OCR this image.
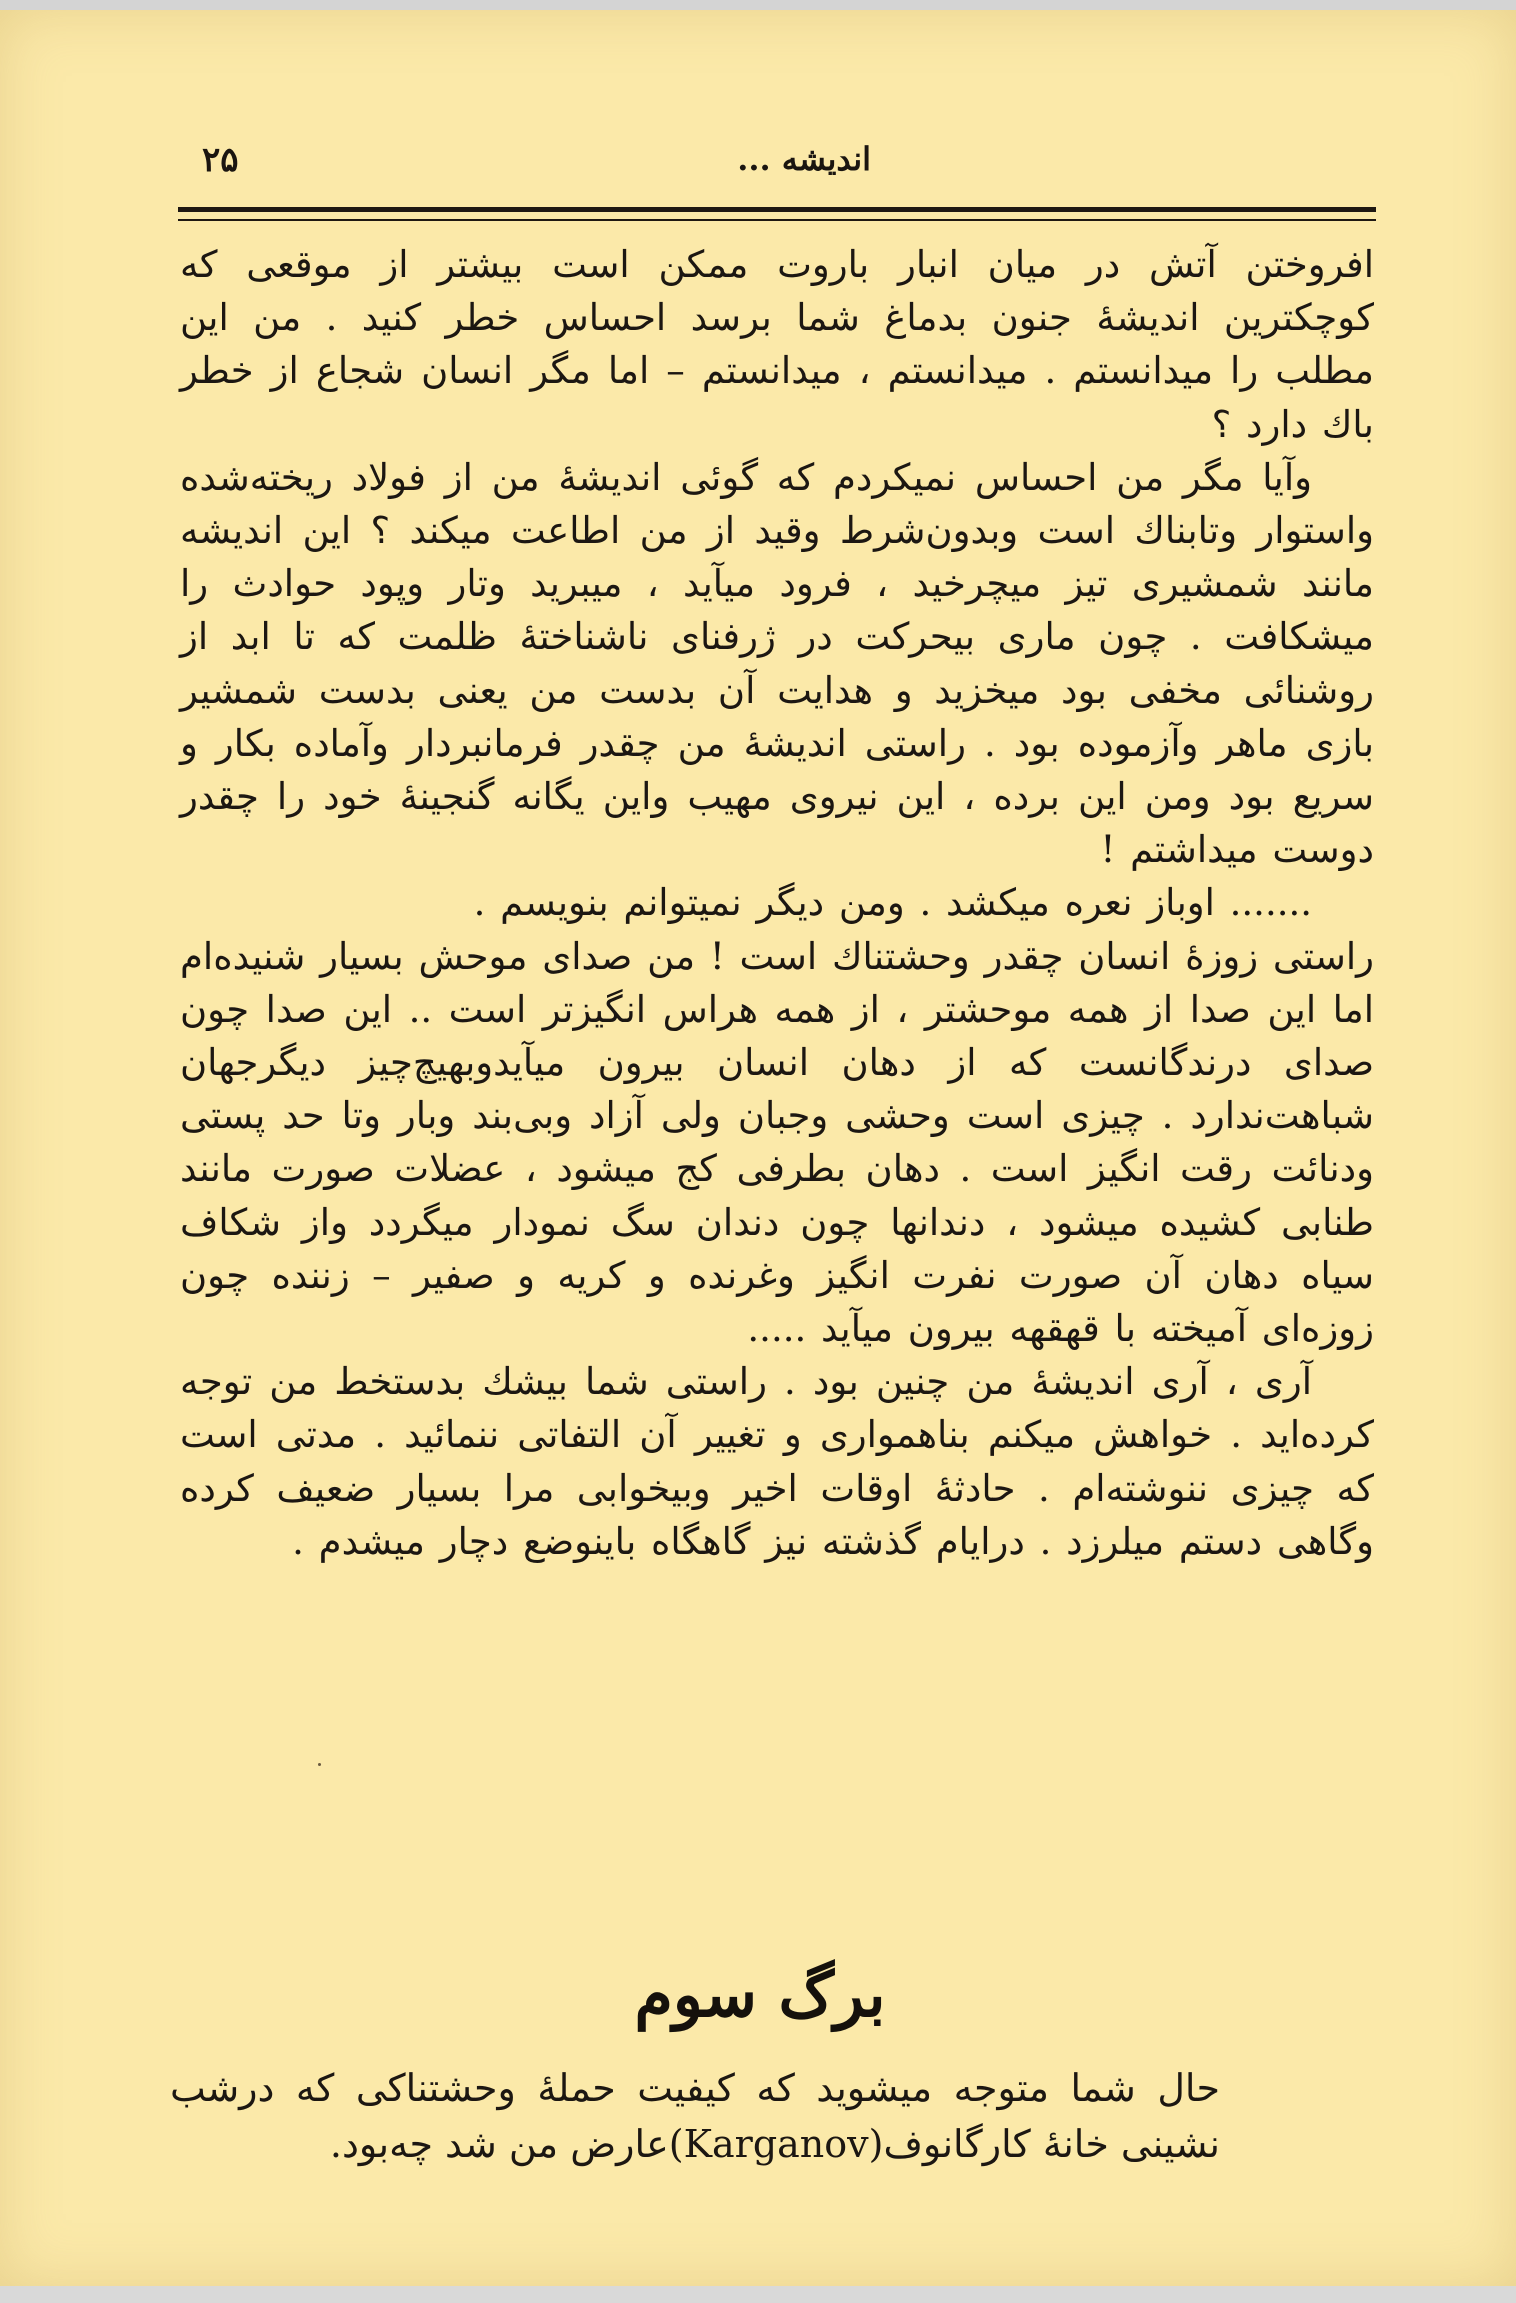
اندیشه ...
۲۵

افروختن آتش در میان انبار باروت ممکن است بیشتر از موقعی که کوچکترین اندیشهٔ جنون بدماغ شما برسد احساس خطر کنید . من این مطلب را میدانستم . میدانستم ، میدانستم – اما مگر انسان شجاع از خطر باك دارد ؟

وآیا مگر من احساس نمیکردم که گوئی اندیشهٔ من از فولاد ریخته‌شده واستوار وتابناك است وبدون‌شرط وقید از من اطاعت میکند ؟ این اندیشه مانند شمشیری تیز میچرخید ، فرود میآید ، میبرید وتار وپود حوادث را میشکافت . چون ماری بیحرکت در ژرفنای ناشناختهٔ ظلمت که تا ابد از روشنائی مخفی بود میخزید و هدایت آن بدست من یعنی بدست شمشیر بازی ماهر وآزموده بود . راستی اندیشهٔ من چقدر فرمانبردار وآماده بکار و سریع بود ومن این برده ، این نیروی مهیب واین یگانه گنجینهٔ خود را چقدر دوست میداشتم !

....... اوباز نعره میکشد . ومن دیگر نمیتوانم بنویسم .

راستی زوزهٔ انسان چقدر وحشتناك است ! من صدای موحش بسیار شنیده‌ام اما این صدا از همه موحشتر ، از همه هراس انگیزتر است .. این صدا چون صدای درندگانست که از دهان انسان بیرون میآیدوبهیچ‌چیز دیگرجهان شباهت‌ندارد . چیزی است وحشی وجبان ولی آزاد وبی‌بند وبار وتا حد پستی ودنائت رقت انگیز است . دهان بطرفی کج میشود ، عضلات صورت مانند طنابی کشیده میشود ، دندانها چون دندان سگ نمودار میگردد واز شکاف سیاه دهان آن صورت نفرت انگیز وغرنده و کریه و صفیر – زننده چون زوزه‌ای آمیخته با قهقهه بیرون میآید .....

آری ، آری اندیشهٔ من چنین بود . راستی شما بیشك بدستخط من توجه کرده‌اید . خواهش میکنم بناهمواری و تغییر آن التفاتی ننمائید . مدتی است که چیزی ننوشته‌ام . حادثهٔ اوقات اخیر وبیخوابی مرا بسیار ضعیف کرده وگاهی دستم میلرزد . درایام گذشته نیز گاهگاه باینوضع دچار میشدم .

برگ سوم

حال شما متوجه میشوید که کیفیت حملهٔ وحشتناکی که درشب نشینی خانهٔ کارگانوف(Karganov)عارض من شد چه‌بود.
